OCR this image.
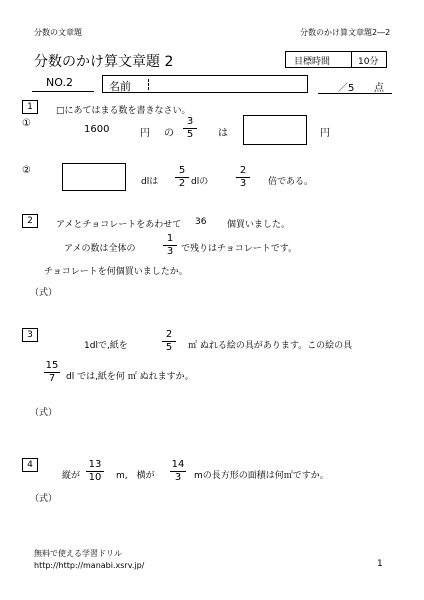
分数の文章題	分数のかけ算文章題2―2
分数のかけ算文章題 2	目標時間	10分
NO.2	名前	／5 点
1	□にあてはまる数を書きなさい。
①
1600	円 の
3
5 は	円
②
dlは
5
2 dlの
2
3 倍である。
2	アメとチョコレートをあわせて 36 個買いました。
アメの数は全体の
1
3 で残りはチョコレートです。
チョコレートを何個買いましたか。
（式）
3
1dlで,紙を
2
5 ㎡ ぬれる絵の具があります。この絵の具
15
7 dl では,紙を何 ㎡ ぬれますか。
（式）
4
縦が
13
10 m,　横が
14
3 mの長方形の面積は何㎡ですか。
（式）
無料で使える学習ドリル
http://http://manabi.xsrv.jp/	1
